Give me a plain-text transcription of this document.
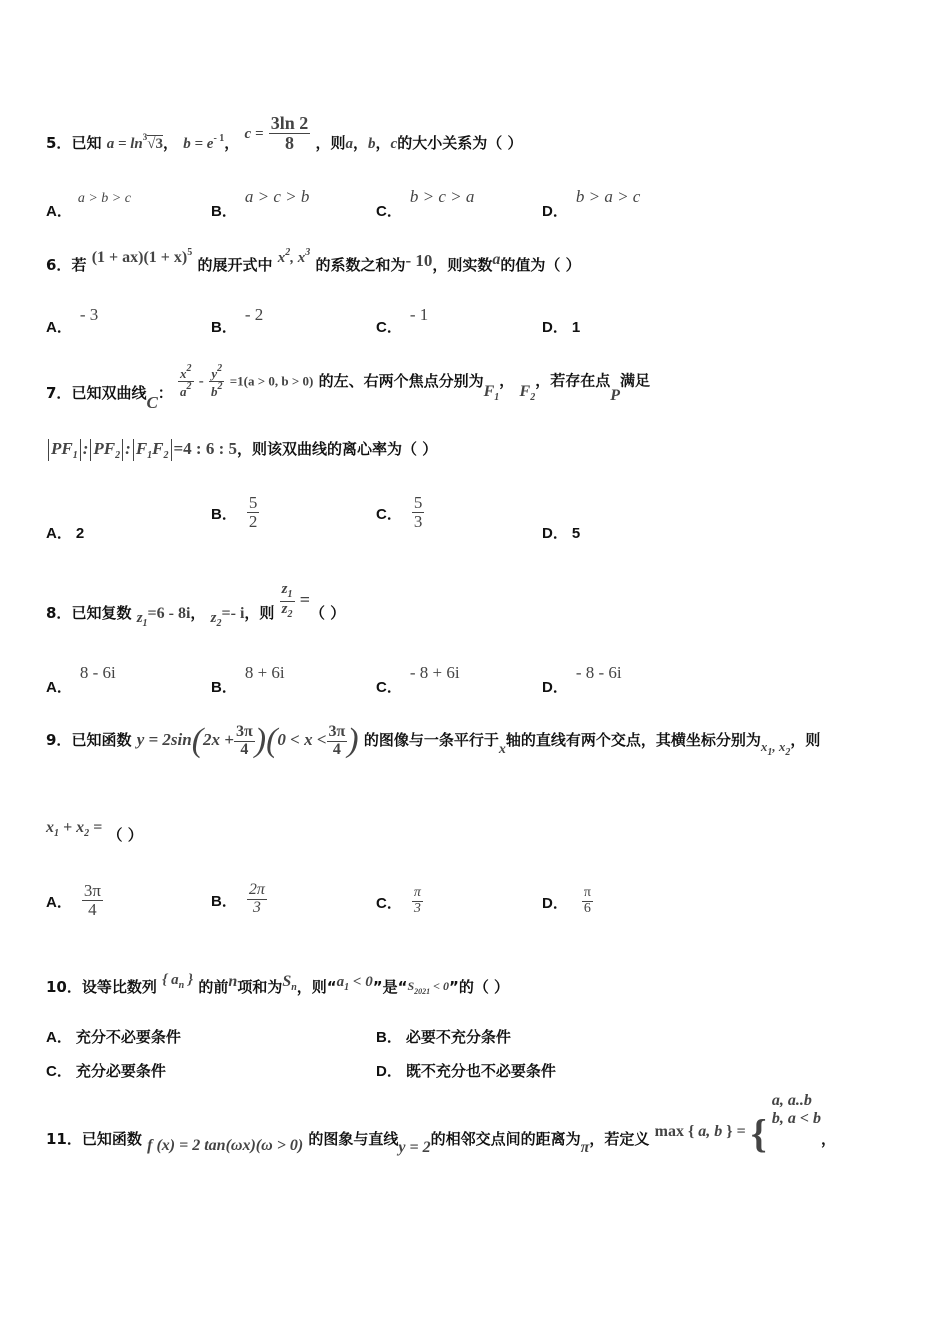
5．已知 $a = \ln^3√3$， $b = e^{- 1}$， $c = \frac{3\ln 2}{8}$ ，则a，b，c的大小关系为（ ）
A．a > b > c
B．a > c > b
C．b > c > a
D．b > a > c
6．若 $(1 + ax)(1 + x)^5$ 的展开式中 $x^2$, $x^3$ 的系数之和为- 10，则实数a的值为（ ）
A．- 3
B．- 2
C．- 1
D． 1
7．已知双曲线C： $\frac{x^2}{a^2} - \frac{y^2}{b^2} =1(a > 0$, b > 0) 的左、右两个焦点分别为$F_1$， $F_2$，若存在点P满足
$PF_1$ : $PF_2$ : $F_1F_2 =4$ : 6 : 5，则该双曲线的离心率为（ ）
A． 2
B． $\frac{5}{2}$	C． $\frac{5}{3}$
D． 5
8．已知复数 $z_1=6 - 8i$， $z_2=-$ i，则 $\frac{z_1}{z_2}$ =（ ）
A．8 - 6i
B．8 + 6i
C．- 8 + 6i
D．- 8 - 6i
9．已知函数 $y = 2\sin(2x + \frac{3\pi}{4} )(0 < x < \frac{3\pi}{4}$ ) 的图像与一条平行于x轴的直线有两个交点，其横坐标分别为$x_1$, $x_2$，则
$x_1 + x_2$ = （ ）
A． $\frac{3\pi}{4}$	B． $\frac{2\pi}{3}$	C． $\frac{\pi}{3}$	D． $\frac{\pi}{6}$
10．设等比数列 { $a_n$ } 的前n项和为$S_n$，则“$a_1 < 0$”是“$S_{2021} < 0$”的（ ）
A． 充分不必要条件	B． 必要不充分条件
C． 充分必要条件	D． 既不充分也不必要条件
11．已知函数 f (x) = 2 tan(ωx)(ω > 0) 的图象与直线y = 2的相邻交点间的距离为π，若定义 max { a, b } = {
a, a..b
b, a < b
，
